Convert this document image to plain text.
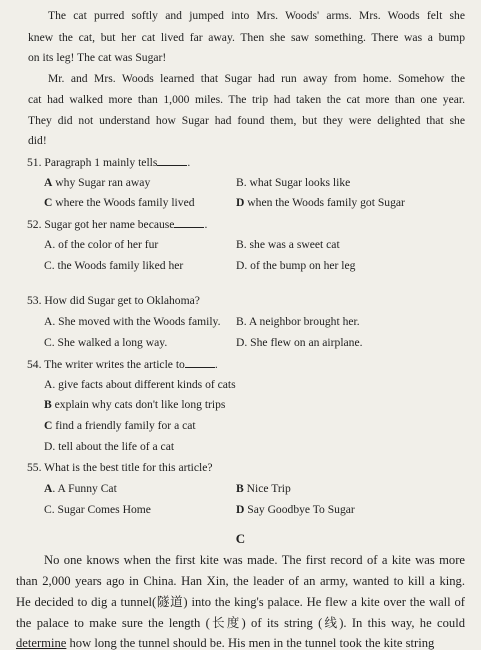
The cat purred softly and jumped into Mrs. Woods' arms. Mrs. Woods felt she
knew the cat, but her cat lived far away. Then she saw something. There was a bump
on its leg! The cat was Sugar!
Mr. and Mrs. Woods learned that Sugar had run away from home. Somehow the
cat had walked more than 1,000 miles. The trip had taken the cat more than one year.
They did not understand how Sugar had found them, but they were delighted that she
did!
51. Paragraph 1 mainly tells	.
A why Sugar ran away	B. what Sugar looks like
C where the Woods family lived	D when the Woods family got Sugar
52. Sugar got her name because	.
A. of the color of her fur	B. she was a sweet cat
C. the Woods family liked her	D. of the bump on her leg
53. How did Sugar get to Oklahoma?
A. She moved with the Woods family. B. A neighbor brought her.
C. She walked a long way.	D. She flew on an airplane.
54. The writer writes the article to	.
A. give facts about different kinds of cats
B explain why cats don't like long trips
C find a friendly family for a cat
D. tell about the life of a cat
55. What is the best title for this article?
A. A Funny Cat	B Nice Trip
C. Sugar Comes Home	D Say Goodbye To Sugar
C
No one knows when the first kite was made. The first record of a kite was more
than 2,000 years ago in China. Han Xin, the leader of an army, wanted to kill a king.
He decided to dig a tunnel(隧道) into the king's palace. He flew a kite over the wall of
the palace to make sure the length (长度) of its string (线). In this way, he could
determine how long the tunnel should be. His men in the tunnel took the kite string
